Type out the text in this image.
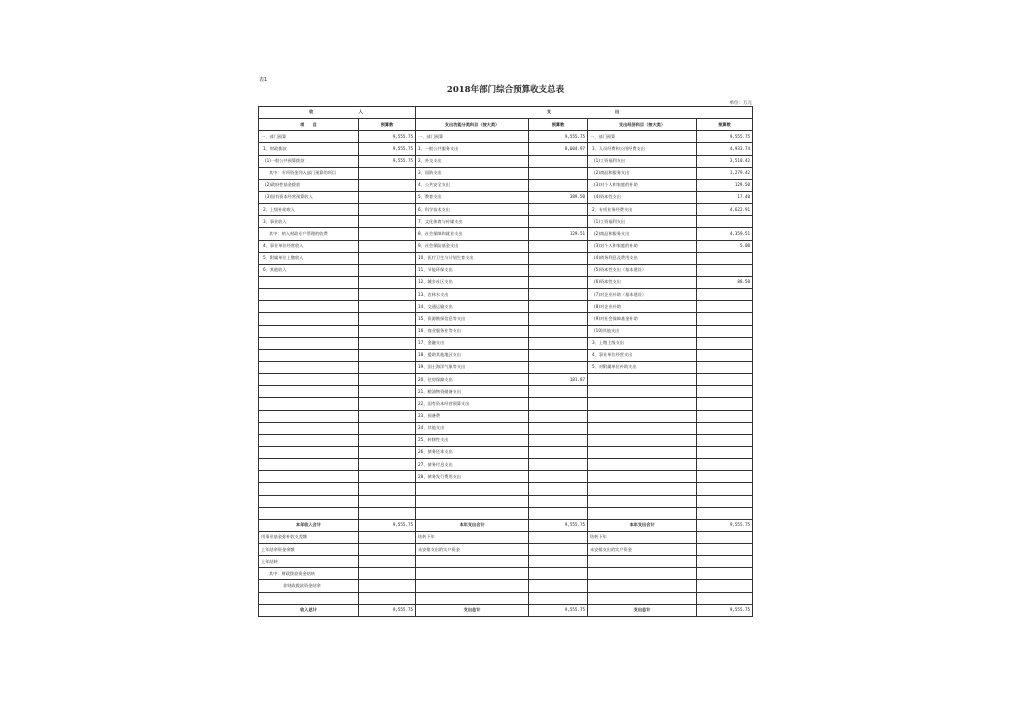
表1
2018年部门综合预算收支总表
单位：万元
收　　　　　　　入		支　　　　　　　　　　出			
项　　目	预算数	支出功能分类科目（按大类）	预算数	支出经济科目（按大类）	预算数
一、部门预算	9,555.75	一、部门预算	9,555.75	一、部门预算	9,555.75
1、财政拨款	9,555.75	1、一般公共服务支出	8,604.97	1、人员经费和公用经费支出	4,933.74
(1)一般公共预算拨款	9,555.75	2、外交支出		(1)工资福利支出	3,510.42
其中：专项资金列入部门预算的项目		3、国防支出		(2)商品和服务支出	1,279.42
(2)政府性基金拨款		4、公共安全支出		(3)对个人和家庭的补助	129.50
(3)国有资本经营预算收入		5、教育支出	389.50	(4)资本性支出	17.40
2、上级补助收入		6、科学技术支出		2、专项业务经费支出	4,622.91
3、事业收入		7、文化体育与传媒支出		(1)工资福利支出	
其中：纳入财政专户管理的收费		8、社会保障和就业支出	129.51	(2)商品和服务支出	4,359.51
4、事业单位经营收入		9、社会保险基金支出		(3)对个人和家庭的补助	5.00
5、附属单位上缴收入		10、医疗卫生与计划生育支出		(4)债务利息及费用支出	
6、其他收入		11、节能环保支出		(5)资本性支出（基本建设）	
		12、城乡社区支出		(6)资本性支出	88.50
		13、农林水支出		(7)对企业补助（基本建设）	
		14、交通运输支出		(8)对企业补助	
		15、资源勘探信息等支出		(9)对社会保障基金补助	
		16、商业服务业等支出		(10)其他支出	
		17、金融支出		3、上缴上级支出	
		18、援助其他地区支出		4、事业单位经营支出	
		19、国土海洋气象等支出		5、对附属单位补助支出	
		20、住房保障支出	181.87		
		21、粮油物资储备支出			
		22、国有资本经营预算支出			
		23、预备费			
		24、其他支出			
		25、转移性支出			
		26、债务还本支出			
		27、债务付息支出			
		28、债务发行费用支出			

本年收入合计	9,555.75	本年支出合计	9,555.75	本年支出合计	9,555.75
用事业基金弥补收支差额		结转下年		结转下年	
上年结余资金余额		未安排支出的实户资金		未安排支出的实户资金	
上年结转					
其中：财政拨款资金结转					
非财政拨款资金结余					

收入总计	9,555.75	支出总计	9,555.75	支出总计	9,555.75
